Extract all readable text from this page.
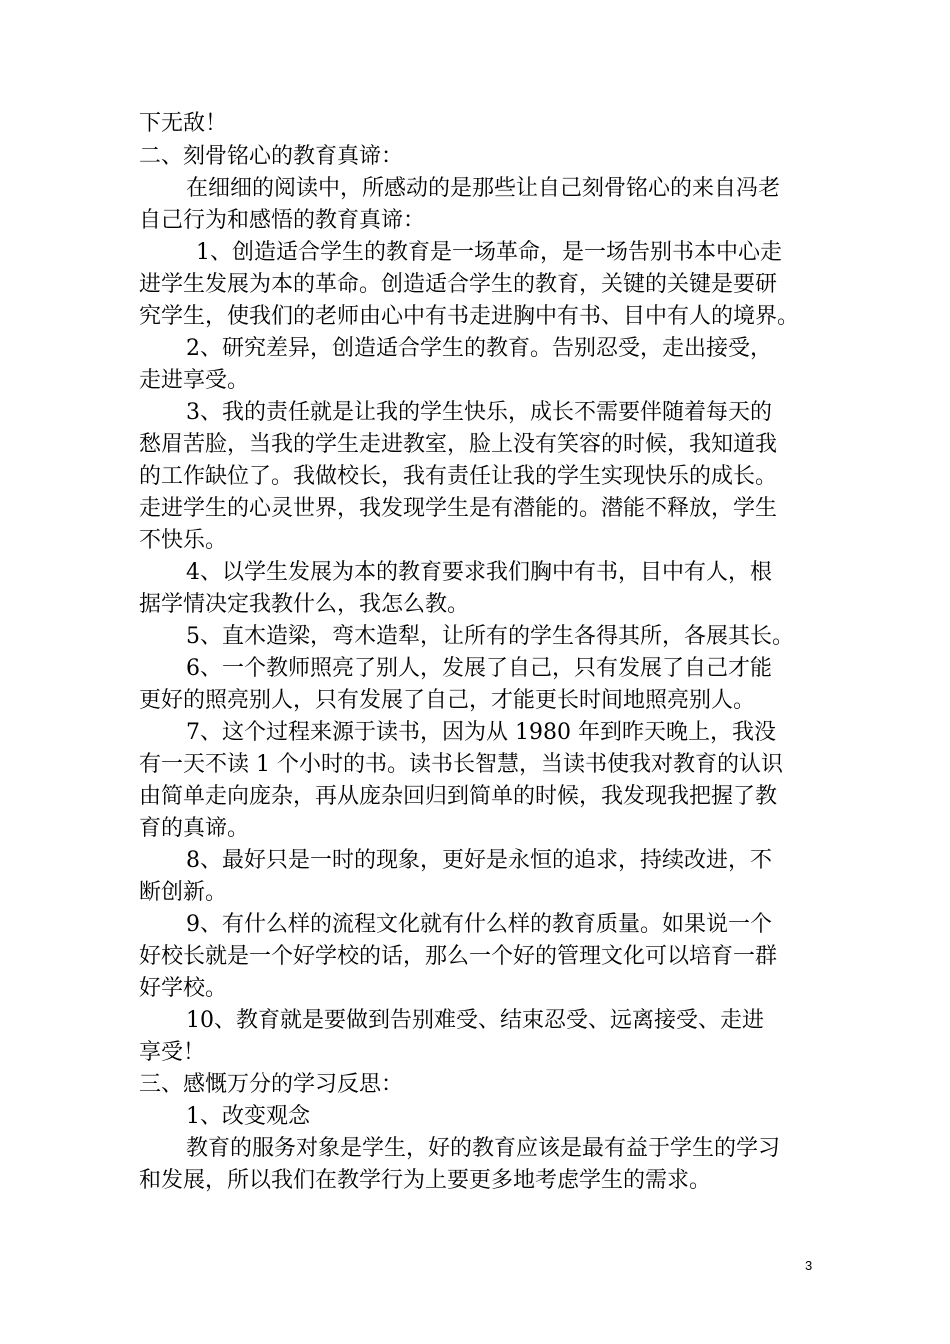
下无敌！
二、刻骨铭心的教育真谛：
在细细的阅读中，所感动的是那些让自己刻骨铭心的来自冯老
自己行为和感悟的教育真谛：
1、创造适合学生的教育是一场革命，是一场告别书本中心走
进学生发展为本的革命。创造适合学生的教育，关键的关键是要研
究学生，使我们的老师由心中有书走进胸中有书、目中有人的境界。
2、研究差异，创造适合学生的教育。告别忍受，走出接受，
走进享受。
3、我的责任就是让我的学生快乐，成长不需要伴随着每天的
愁眉苦脸，当我的学生走进教室，脸上没有笑容的时候，我知道我
的工作缺位了。我做校长，我有责任让我的学生实现快乐的成长。
走进学生的心灵世界，我发现学生是有潜能的。潜能不释放，学生
不快乐。
4、以学生发展为本的教育要求我们胸中有书，目中有人，根
据学情决定我教什么，我怎么教。
5、直木造梁，弯木造犁，让所有的学生各得其所，各展其长。
6、一个教师照亮了别人，发展了自己，只有发展了自己才能
更好的照亮别人，只有发展了自己，才能更长时间地照亮别人。
7、这个过程来源于读书，因为从 1980 年到昨天晚上，我没
有一天不读 1 个小时的书。读书长智慧，当读书使我对教育的认识
由简单走向庞杂，再从庞杂回归到简单的时候，我发现我把握了教
育的真谛。
8、最好只是一时的现象，更好是永恒的追求，持续改进，不
断创新。
9、有什么样的流程文化就有什么样的教育质量。如果说一个
好校长就是一个好学校的话，那么一个好的管理文化可以培育一群
好学校。
10、教育就是要做到告别难受、结束忍受、远离接受、走进
享受！
三、感慨万分的学习反思：
1、改变观念
教育的服务对象是学生，好的教育应该是最有益于学生的学习
和发展，所以我们在教学行为上要更多地考虑学生的需求。
3
